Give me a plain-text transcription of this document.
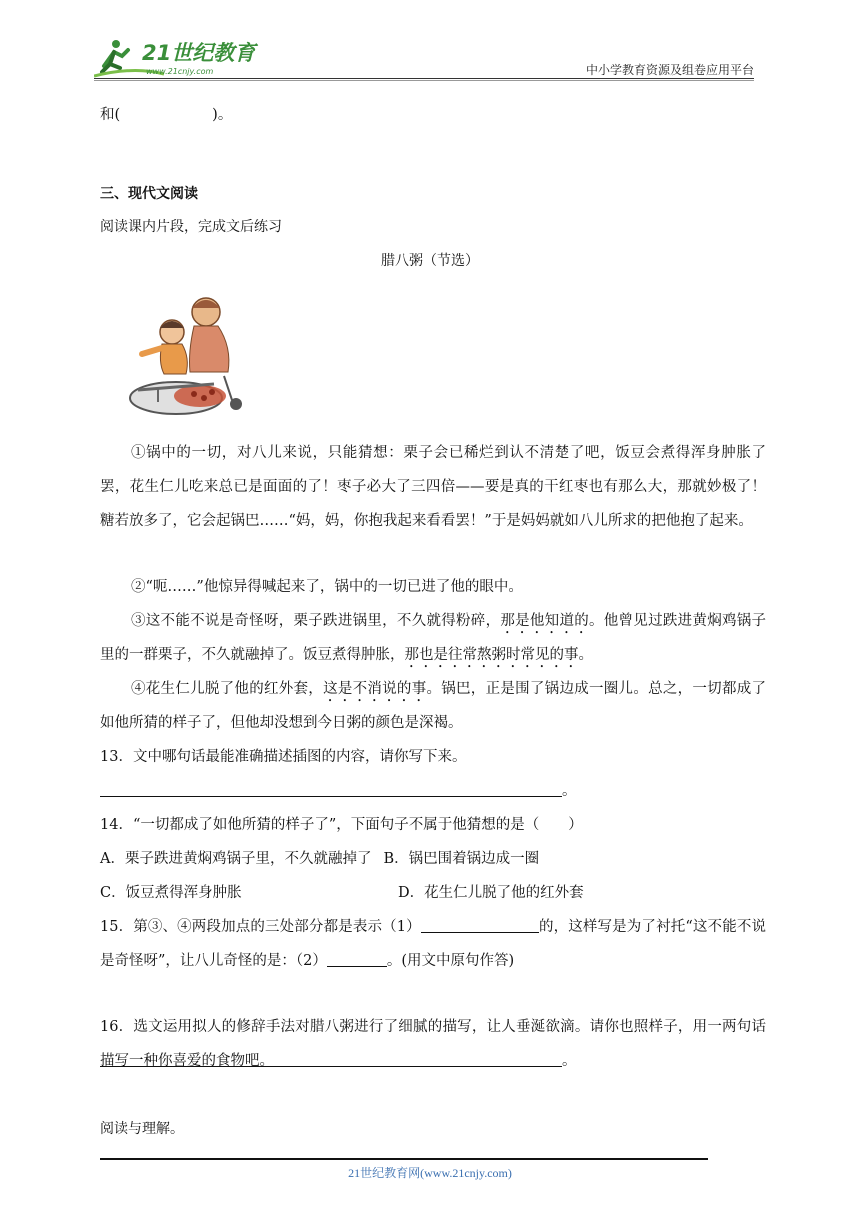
21世纪教育
www.21cnjy.com	中小学教育资源及组卷应用平台
和(	)。
三、现代文阅读
阅读课内片段，完成文后练习
腊八粥（节选）
①锅中的一切，对八儿来说，只能猜想：栗子会已稀烂到认不清楚了吧，饭豆会煮得浑身肿胀了罢，花生仁儿吃来总已是面面的了！枣子必大了三四倍——要是真的干红枣也有那么大，那就妙极了！糖若放多了，它会起锅巴……“妈，妈，你抱我起来看看罢！”于是妈妈就如八儿所求的把他抱了起来。
②“呃……”他惊异得喊起来了，锅中的一切已进了他的眼中。
③这不能不说是奇怪呀，栗子跌进锅里，不久就得粉碎，那是他知道的。他曾见过跌进黄焖鸡锅子里的一群栗子，不久就融掉了。饭豆煮得肿胀，那也是往常熬粥时常见的事。
④花生仁儿脱了他的红外套，这是不消说的事。锅巴，正是围了锅边成一圈儿。总之，一切都成了如他所猜的样子了，但他却没想到今日粥的颜色是深褐。
13．文中哪句话最能准确描述插图的内容，请你写下来。
。
14．“一切都成了如他所猜的样子了”，下面句子不属于他猜想的是（　　）
A．栗子跌进黄焖鸡锅子里，不久就融掉了 B．锅巴围着锅边成一圈
C．饭豆煮得浑身肿胀	D．花生仁儿脱了他的红外套
15．第③、④两段加点的三处部分都是表示（1）	的，这样写是为了衬托“这不能不说是奇怪呀”，让八儿奇怪的是：（2）	。(用文中原句作答)
16．选文运用拟人的修辞手法对腊八粥进行了细腻的描写，让人垂涎欲滴。请你也照样子，用一两句话描写一种你喜爱的食物吧。	。
阅读与理解。
21世纪教育网(www.21cnjy.com)
